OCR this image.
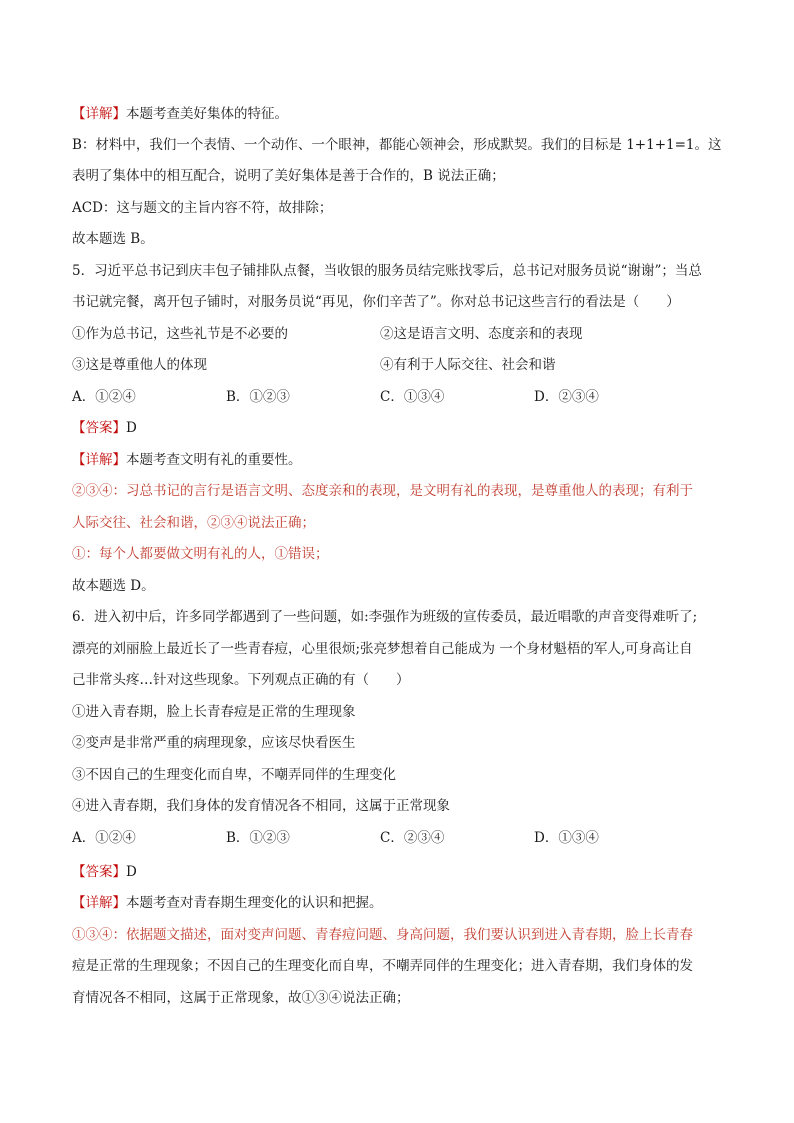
【详解】本题考查美好集体的特征。
B：材料中，我们一个表情、一个动作、一个眼神，都能心领神会，形成默契。我们的目标是 1+1+1=1。这
表明了集体中的相互配合，说明了美好集体是善于合作的，B 说法正确；
ACD：这与题文的主旨内容不符，故排除；
故本题选 B。
5．习近平总书记到庆丰包子铺排队点餐，当收银的服务员结完账找零后，总书记对服务员说“谢谢”；当总
书记就完餐，离开包子铺时，对服务员说“再见，你们辛苦了”。你对总书记这些言行的看法是（　　）
①作为总书记，这些礼节是不必要的	②这是语言文明、态度亲和的表现
③这是尊重他人的体现	④有利于人际交往、社会和谐
A．①②④	B．①②③	C．①③④	D．②③④
【答案】D
【详解】本题考查文明有礼的重要性。
②③④：习总书记的言行是语言文明、态度亲和的表现，是文明有礼的表现，是尊重他人的表现；有利于
人际交往、社会和谐，②③④说法正确；
①：每个人都要做文明有礼的人，①错误；
故本题选 D。
6．进入初中后，许多同学都遇到了一些问题，如:李强作为班级的宣传委员，最近唱歌的声音变得难听了;
漂亮的刘丽脸上最近长了一些青春痘，心里很烦;张亮梦想着自己能成为 一个身材魁梧的军人,可身高让自
己非常头疼…针对这些现象。下列观点正确的有（　　）
①进入青春期，脸上长青春痘是正常的生理现象
②变声是非常严重的病理现象，应该尽快看医生
③不因自己的生理变化而自卑，不嘲弄同伴的生理变化
④进入青春期，我们身体的发育情况各不相同，这属于正常现象
A．①②④	B．①②③	C．②③④	D．①③④
【答案】D
【详解】本题考查对青春期生理变化的认识和把握。
①③④：依据题文描述，面对变声问题、青春痘问题、身高问题，我们要认识到进入青春期，脸上长青春
痘是正常的生理现象；不因自己的生理变化而自卑，不嘲弄同伴的生理变化；进入青春期，我们身体的发
育情况各不相同，这属于正常现象，故①③④说法正确；
